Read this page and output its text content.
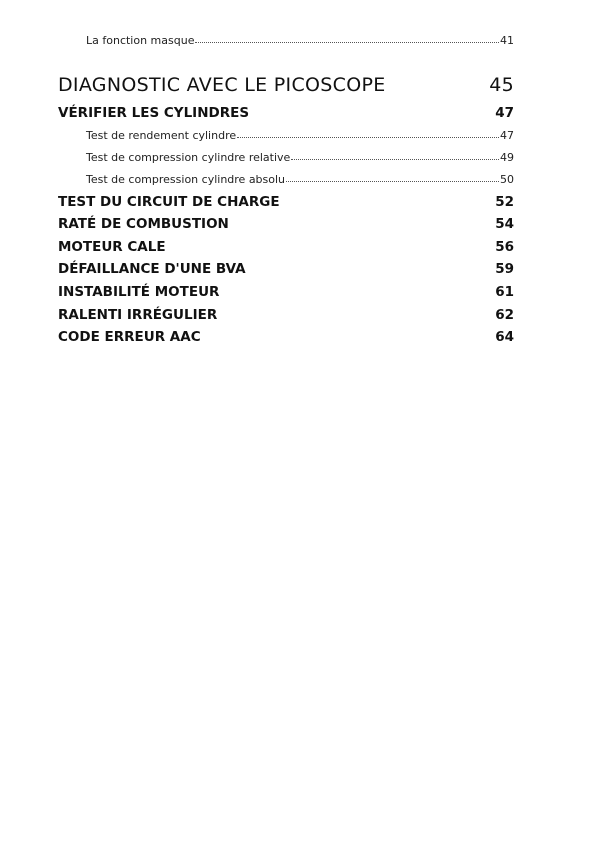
La fonction masque	41
DIAGNOSTIC AVEC LE PICOSCOPE	45
VÉRIFIER LES CYLINDRES	47
Test de rendement cylindre	47
Test de compression cylindre relative	49
Test de compression cylindre absolu	50
TEST DU CIRCUIT DE CHARGE	52
RATÉ DE COMBUSTION	54
MOTEUR CALE	56
DÉFAILLANCE D'UNE BVA	59
INSTABILITÉ MOTEUR	61
RALENTI IRRÉGULIER	62
CODE ERREUR AAC	64
